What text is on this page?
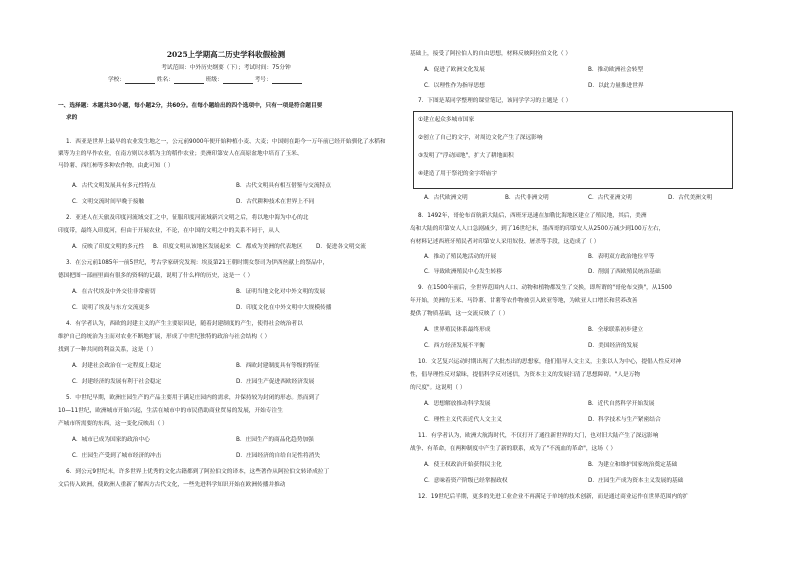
2025上学期高二历史学科收假检测
考试范围：中外历史纲要（下）；考试时间：75分钟
学校：	姓名：	班级：	考号：
一、选择题：本题共30小题，每小题2分，共60分。在每小题给出的四个选项中，只有一项是符合题目要
求的
1．西亚是世界上最早的农业发生地之一，公元前9000年便开始种植小麦、大麦；中国则在距今一万年前已经开始驯化了水稻和
粟等为主的早作农业，在南方则以水稻为主的稻作农业；美洲印第安人在高原盆地中培育了玉米、
马铃薯、西红柿等多种农作物。由此可知（ ）
A．古代文明发展具有多元性特点	B．古代文明具有相互借鉴与交流特点
C．文明交流时间早晚于接触	D．古代耕种技术在世界上不同
2．亚述人在天旅及印度河流域交汇之中，征服印度河流域新兴文明之后，将以地中海为中心的北
印度带，最终入印度河，但由于开展农业，不论，在中国的文明之中的关系不同于，从人
A．反映了印度文明的多元性 B．印度文明从该地区发展起来 C．都成为美洲的代表地区 D．促进各文明交流
3．在公元前1085年一前5世纪，考古学家研究发现：埃及第21王朝时期女祭司为伊西丝献上的祭品中，
德国把图一部画里面有很多的资料的记载，说明了什么样的历史，这是一（ ）
A．在古代埃及中外交往非常密切	B．证明当地文化对中外文明的发展
C．说明了埃及与东方交流更多	D．印度文化在中外文明中大规模传播
4．有学者认为，西欧的封建主义的产生主要原因是，随着封建制度的产生，使得社会统治者以
维护自己的统治为主而对农业不断地扩展，形成了中世纪独特的政治与社会结构（ ）
找到了一种共同的利益关系，这是（ ）
A．封建社会政治在一定程度上稳定	B．西欧封建制度具有等级的特征
C．封建经济的发展有利于社会稳定	D．庄园生产促进西欧经济发展
5．中世纪早期，欧洲庄园生产的产品主要用于满足庄园内的需求，并保持较为封闭的形态。然而到了
10—11世纪，欧洲城市开始兴起，生活在城市中的市民借助商业贸易的发展，开始专注生
产城市所需要的东西，这一变化反映出（ ）
A．城市已成为国家的政治中心	B．庄园生产的商品化趋势加强
C．庄园生产受到了城市经济的冲击	D．庄园经济的自给自足性将消失
6．到公元9世纪末，许多世界上优秀的文化古籍都到了阿拉伯文的译本，这些著作从阿拉伯文转译成拉丁
文后传入欧洲，使欧洲人重新了解西方古代文化，一些先进科学知识开始在欧洲传播并推动
基础上，接受了阿拉伯人的自由思想，材料反映阿拉伯文化（ ）
A．促进了欧洲文化发展	B．推动欧洲社会转型
C．以理性作为指导思想	D．以此力量推进世界
7．下图是某同学整理的课堂笔记，该同学学习的主题是（ ）
①建立起众多城市国家
②创立了自己的文字，对周边文化产生了深远影响
③发明了"浮动园地"，扩大了耕地面积
④建造了用于祭祀的金字塔庙宇
A．古代欧洲文明	B．古代非洲文明	C．古代亚洲文明	D．古代美洲文明
8．1492年，哥伦布首航新大陆后，西班牙迅速在加勒比海地区建立了殖民地，其后，美洲
岛和大陆的印第安人人口急剧减少，到了16世纪末，墨西哥的印第安人从2500万减少到100万左右，
有材料记述西班牙殖民者对印第安人采用奴役、屠杀等手段，这造成了（ ）
A．推动了殖民地活动的开展	B．表明双方政治地位平等
C．导致欧洲殖民中心发生转移	D．削弱了西欧殖民统治基础
9．在1500年前后，全世界范围内人口、动物和植物都发生了交换，即所谓的"哥伦布交换"，从1500
年开始，美洲的玉米、马铃薯、甘薯等农作物被引入欧亚等地，为欧亚人口增长和营养改善
提供了物质基础，这一交流反映了（ ）
A．世界殖民体系最终形成	B．全球联系初步建立
C．西方经济发展不平衡	D．美国经济的发展
10．文艺复兴运动时期出现了大批杰出的思想家，他们倡导人文主义，主张以人为中心，提倡人性反对神
性，倡导理性反对蒙昧，提倡科学反对迷信，为资本主义的发展扫清了思想障碍。"人是万物
的尺度"。这说明（ ）
A．思想解放推动科学发展	B．近代自然科学开始发展
C．理性主义代表近代人文主义	D．科学技术与生产紧密结合
11．有学者认为，欧洲大航海时代，不仅打开了通往新世界的大门，也对旧大陆产生了深远影响
战争、有革命，在两种制度中产生了新的联系，成为了"不流血的革命"，这场（ ）
A．使王权政治开始获得民主化	B．为建立和维护国家统治奠定基础
C．意味着资产阶级已经掌握政权	D．庄园生产成为资本主义发展的基础
12．19世纪后半期，更多的先进工业企业不再满足于单纯的技术创新，而是通过商业运作在世界范围内的扩
